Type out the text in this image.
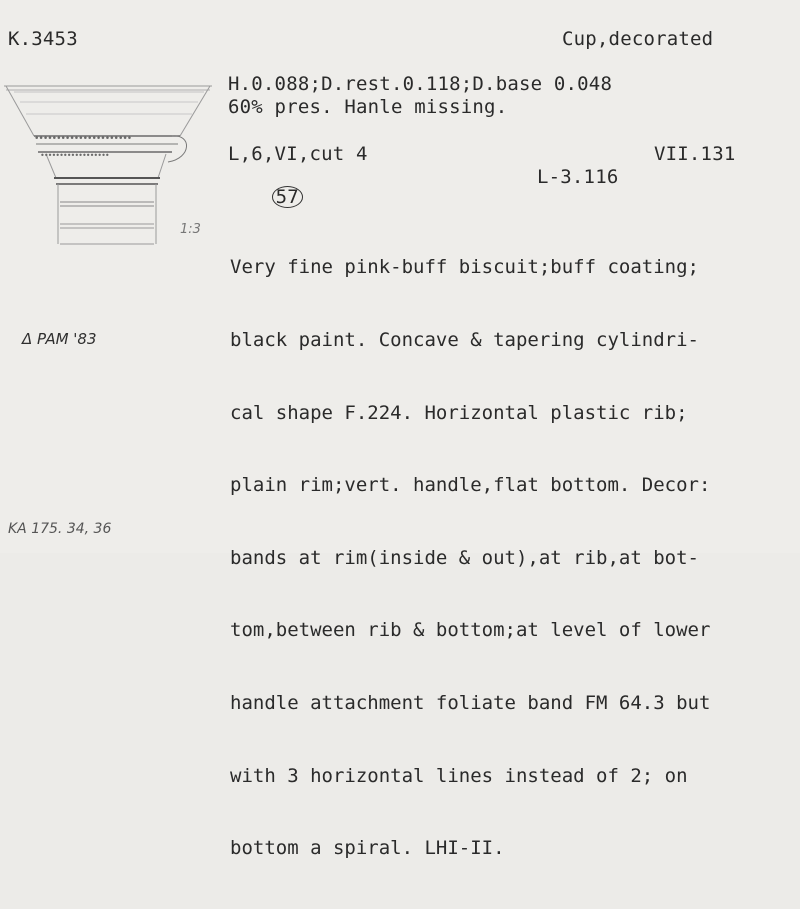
K.3453	Cup,decorated
H.0.088;D.rest.0.118;D.base 0.048
60% pres. Hanle missing.
L,6,VI,cut 4	VII.131

57

L-3.116
••••••••••••••••••••••
••••••••••••••••••
1:3
Δ PAM '83

Very fine pink-buff biscuit;buff coating;

black paint. Concave & tapering cylindri-

cal shape F.224. Horizontal plastic rib;

plain rim;vert. handle,flat bottom. Decor:

bands at rim(inside & out),at rib,at bot-

tom,between rib & bottom;at level of lower

handle attachment foliate band FM 64.3 but

with 3 horizontal lines instead of 2; on

bottom a spiral. LHI-II.

KA 175. 34, 36
